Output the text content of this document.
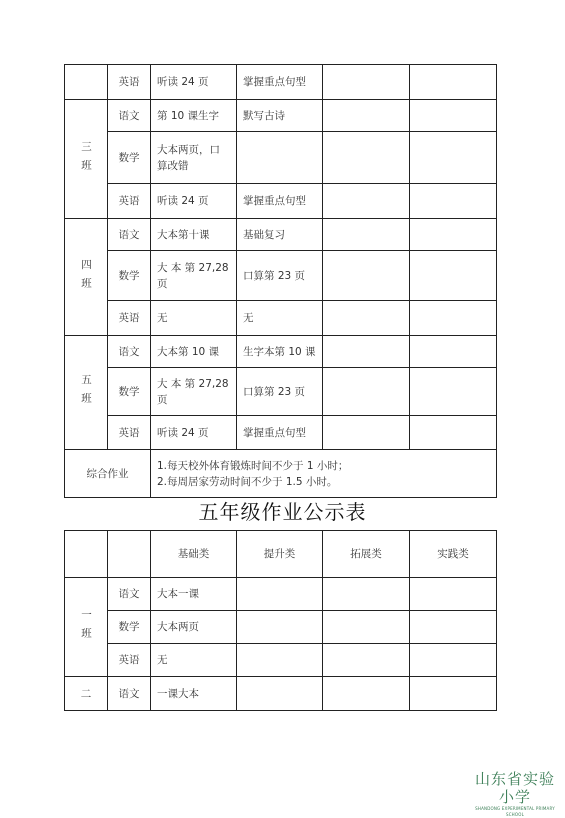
	英语	听读 24 页	掌握重点句型		
三班	语文	第 10 课生字	默写古诗		
	数学	大本两页，口算改错			
	英语	听读 24 页	掌握重点句型		
四班	语文	大本第十课	基础复习		
	数学	大 本 第 27,28 页	口算第 23 页		
	英语	无	无		
五班	语文	大本第 10 课	生字本第 10 课		
	数学	大 本 第 27,28 页	口算第 23 页		
	英语	听读 24 页	掌握重点句型		
综合作业		1.每天校外体育锻炼时间不少于 1 小时；

2.每周居家劳动时间不少于 1.5 小时。			

五年级作业公示表
		基础类	提升类	拓展类	实践类
一班	语文	大本一课			
	数学	大本两页			
	英语	无			
二	语文	一课大本			
山东省实验小学
SHANDONG EXPERIMENTAL PRIMARY SCHOOL
